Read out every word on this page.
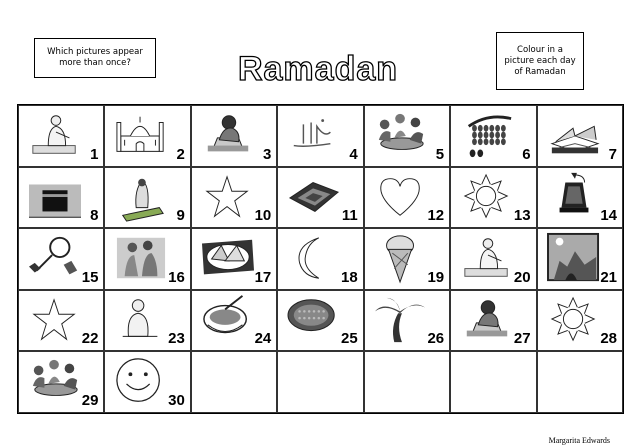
Which pictures appear
more than once?	Ramadan
Colour in a
picture each day
of Ramadan
1	2	3	4	5	6	7
8	9	10	11	12	13	14
15	16	17	18	19	20	21
22	23	24	25	26	27	28
29	30
Margarita Edwards
